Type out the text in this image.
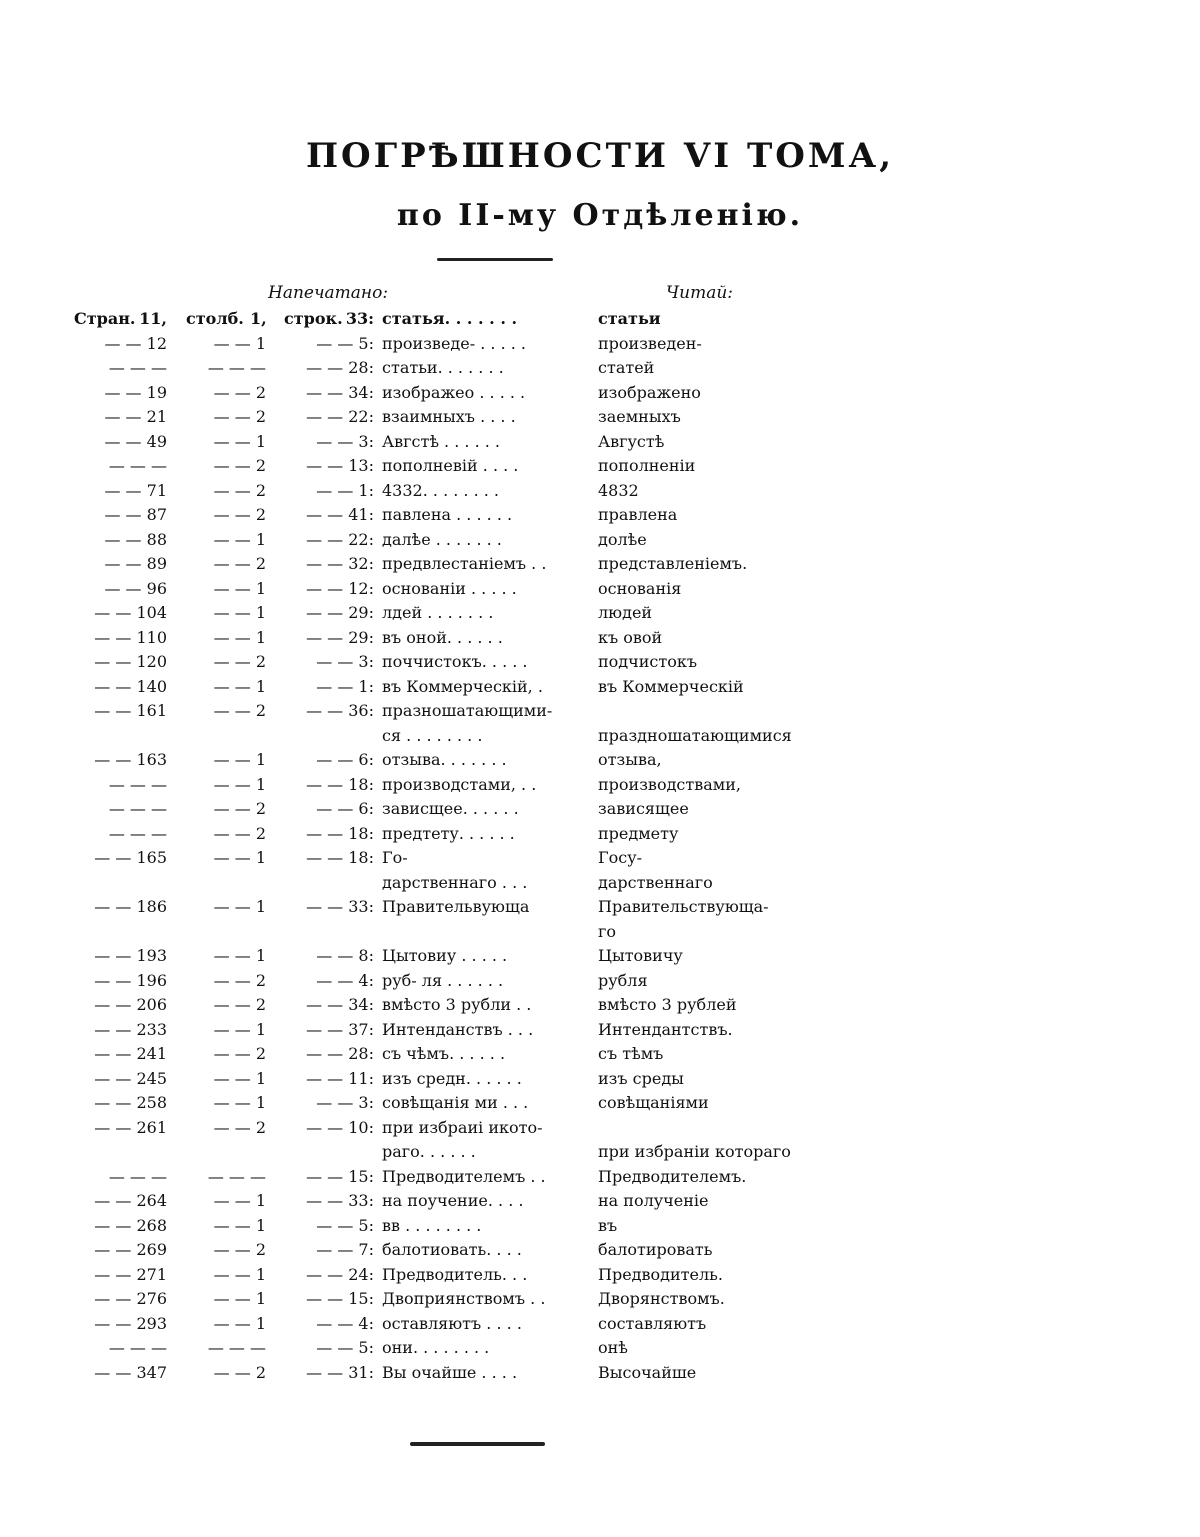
ПОГРѢШНОСТИ VI ТОМА,
по II-му Отдѣленію.
Напечатано:	Читай:
Стран. 11, столб. 1, строк. 33: статья. . . . . . .	статьи
— — 12	— — 1	— — 5: произведе- . . . . .	произведен-
— — —	— — —	— — 28: статьи. . . . . . .	статей
— — 19	— — 2	— — 34: изображео . . . . .	изображено
— — 21	— — 2	— — 22: взаимныхъ . . . .	заемныхъ
— — 49	— — 1	— — 3: Авгстѣ . . . . . .	Августѣ
— — —	— — 2	— — 13: пополневій . . . .	пополненіи
— — 71	— — 2	— — 1: 4332. . . . . . . .	4832
— — 87	— — 2	— — 41: павлена . . . . . .	правлена
— — 88	— — 1	— — 22: далѣе . . . . . . .	долѣе
— — 89	— — 2	— — 32: предвлестаніемъ . .	представленіемъ.
— — 96	— — 1	— — 12: основаніи . . . . .	основанія
— — 104	— — 1	— — 29: лдей . . . . . . .	людей
— — 110	— — 1	— — 29: въ оной. . . . . .	къ овой
— — 120	— — 2	— — 3: поччистокъ. . . . .	подчистокъ
— — 140	— — 1	— — 1: въ Коммерческій, .	въ Коммерческій
— — 161	— — 2	— — 36: празношатающими-
ся . . . . . . . .	праздношатающимися
— — 163	— — 1	— — 6: отзыва. . . . . . .	отзыва,
— — —	— — 1	— — 18: производстами, . .	производствами,
— — —	— — 2	— — 6: зависщее. . . . . .	зависящее
— — —	— — 2	— — 18: предтету. . . . . .	предмету
— — 165	— — 1	— — 18: Го-	Госу-
дарственнаго . . .	дарственнаго
— — 186	— — 1	— — 33: Правительвующа	Правительствующа-
го
— — 193	— — 1	— — 8: Цытовиу . . . . .	Цытовичу
— — 196	— — 2	— — 4: руб- ля . . . . . .	рубля
— — 206	— — 2	— — 34: вмѣсто 3 рубли . .	вмѣсто 3 рублей
— — 233	— — 1	— — 37: Интенданствъ . . .	Интендантствъ.
— — 241	— — 2	— — 28: съ чѣмъ. . . . . .	съ тѣмъ
— — 245	— — 1	— — 11: изъ средн. . . . . .	изъ среды
— — 258	— — 1	— — 3: совѣщанія ми . . .	совѣщаніями
— — 261	— — 2	— — 10: при избраиі икото-
раго. . . . . .	при избраніи котораго
— — —	— — —	— — 15: Предводителемъ . .	Предводителемъ.
— — 264	— — 1	— — 33: на поучение. . . .	на полученіе
— — 268	— — 1	— — 5: вв . . . . . . . .	въ
— — 269	— — 2	— — 7: балотиовать. . . .	балотировать
— — 271	— — 1	— — 24: Предводитель. . .	Предводитель.
— — 276	— — 1	— — 15: Двоприянствомъ . .	Дворянствомъ.
— — 293	— — 1	— — 4: оставляютъ . . . .	составляютъ
— — —	— — —	— — 5: они. . . . . . . .	онѣ
— — 347	— — 2	— — 31: Вы очайше . . . .	Высочайше
